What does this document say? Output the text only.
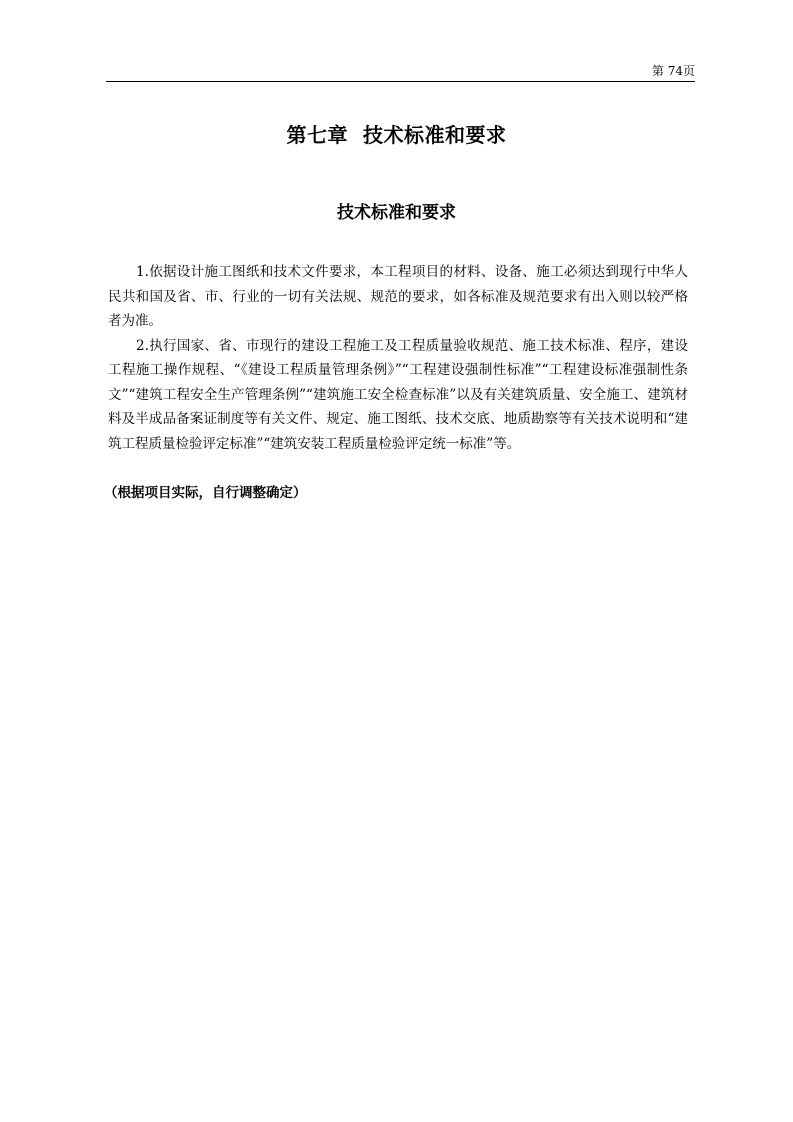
第 74页
第七章  技术标准和要求
技术标准和要求

1.依据设计施工图纸和技术文件要求，本工程项目的材料、设备、施工必须达到现行中华人民共和国及省、市、行业的一切有关法规、规范的要求，如各标准及规范要求有出入则以较严格者为准。

2.执行国家、省、市现行的建设工程施工及工程质量验收规范、施工技术标准、程序，建设工程施工操作规程、“《建设工程质量管理条例》”“工程建设强制性标准”“工程建设标准强制性条文”“建筑工程安全生产管理条例”“建筑施工安全检查标准”以及有关建筑质量、安全施工、建筑材料及半成品备案证制度等有关文件、规定、施工图纸、技术交底、地质勘察等有关技术说明和“建筑工程质量检验评定标准”“建筑安装工程质量检验评定统一标准”等。

（根据项目实际，自行调整确定）
